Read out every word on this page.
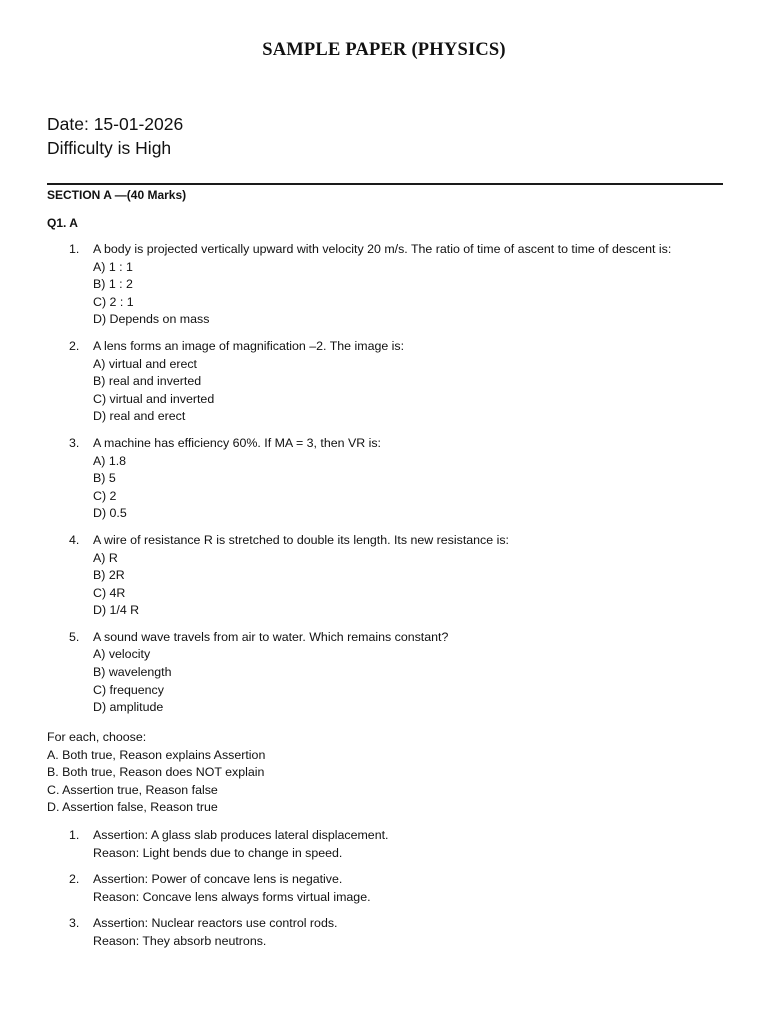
SAMPLE PAPER (PHYSICS)
Date: 15-01-2026
Difficulty is High
SECTION A —(40 Marks)
Q1. A
1. A body is projected vertically upward with velocity 20 m/s. The ratio of time of ascent to time of descent is:
A) 1 : 1
B) 1 : 2
C) 2 : 1
D) Depends on mass
2. A lens forms an image of magnification –2. The image is:
A) virtual and erect
B) real and inverted
C) virtual and inverted
D) real and erect
3. A machine has efficiency 60%. If MA = 3, then VR is:
A) 1.8
B) 5
C) 2
D) 0.5
4. A wire of resistance R is stretched to double its length. Its new resistance is:
A) R
B) 2R
C) 4R
D) 1/4 R
5. A sound wave travels from air to water. Which remains constant?
A) velocity
B) wavelength
C) frequency
D) amplitude
For each, choose:
A. Both true, Reason explains Assertion
B. Both true, Reason does NOT explain
C. Assertion true, Reason false
D. Assertion false, Reason true
1. Assertion: A glass slab produces lateral displacement.
Reason: Light bends due to change in speed.
2. Assertion: Power of concave lens is negative.
Reason: Concave lens always forms virtual image.
3. Assertion: Nuclear reactors use control rods.
Reason: They absorb neutrons.
